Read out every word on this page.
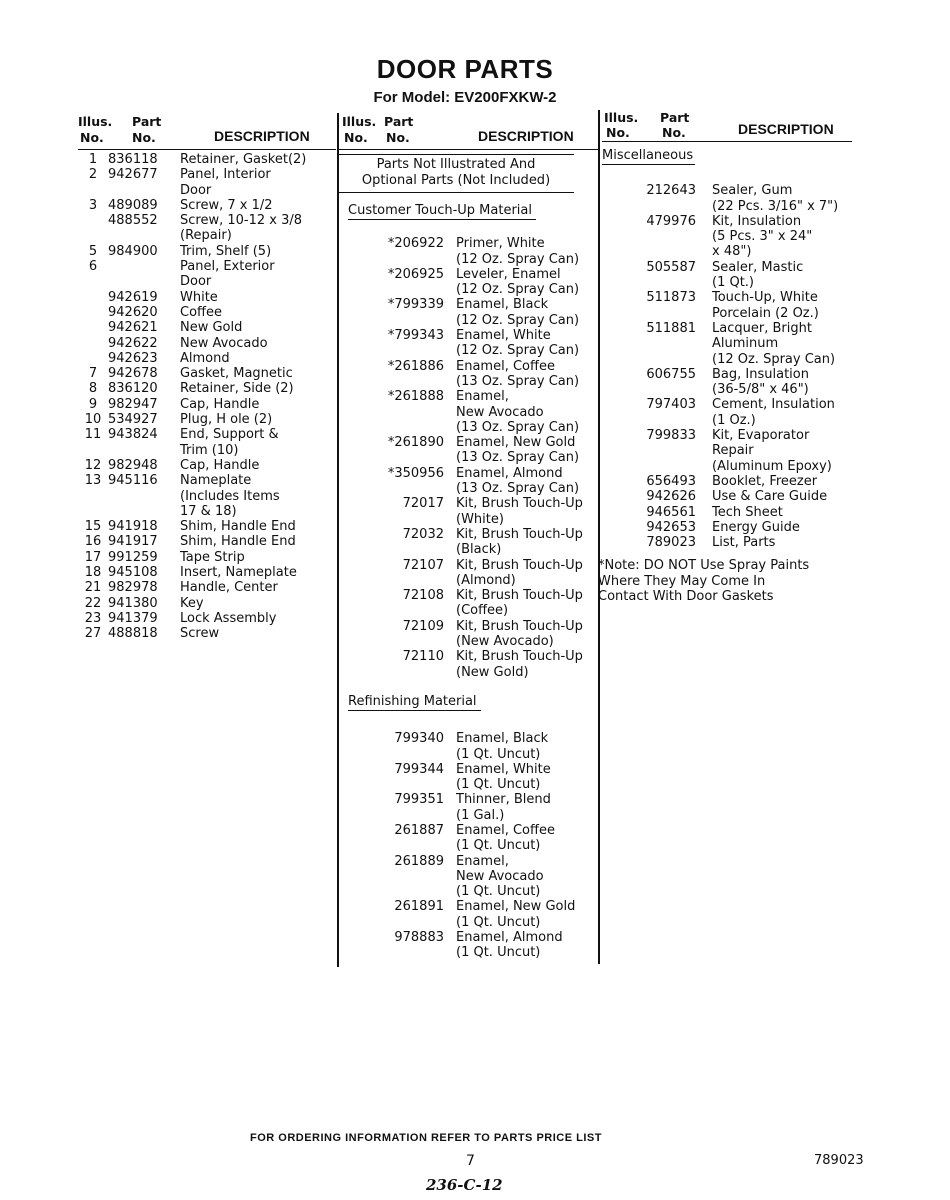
DOOR PARTS
For Model: EV200FXKW-2
Illus.
No.
Part
No.	DESCRIPTION
1 836118	Retainer, Gasket(2)
2 942677	Panel, Interior
Door
3 489089	Screw, 7 x 1/2
488552	Screw, 10-12 x 3/8
(Repair)
5 984900	Trim, Shelf (5)
6	Panel, Exterior
Door
942619	White
942620	Coffee
942621	New Gold
942622	New Avocado
942623	Almond
7 942678	Gasket, Magnetic
8 836120	Retainer, Side (2)
9 982947	Cap, Handle
10 534927	Plug, H ole (2)
11 943824	End, Support &
Trim (10)
12 982948	Cap, Handle
13 945116	Nameplate
(Includes Items
17 & 18)
15 941918	Shim, Handle End
16 941917	Shim, Handle End
17 991259	Tape Strip
18 945108	Insert, Nameplate
21 982978	Handle, Center
22 941380	Key
23 941379	Lock Assembly
27 488818	Screw
Illus.
No.
Part
No.	DESCRIPTION
Parts Not Illustrated And
Optional Parts (Not Included)
Customer Touch-Up Material
*206922 Primer, White
(12 Oz. Spray Can)
*206925 Leveler, Enamel
(12 Oz. Spray Can)
*799339 Enamel, Black
(12 Oz. Spray Can)
*799343 Enamel, White
(12 Oz. Spray Can)
*261886 Enamel, Coffee
(13 Oz. Spray Can)
*261888 Enamel,
New Avocado
(13 Oz. Spray Can)
*261890 Enamel, New Gold
(13 Oz. Spray Can)
*350956 Enamel, Almond
(13 Oz. Spray Can)
72017 Kit, Brush Touch-Up
(White)
72032 Kit, Brush Touch-Up
(Black)
72107 Kit, Brush Touch-Up
(Almond)
72108 Kit, Brush Touch-Up
(Coffee)
72109 Kit, Brush Touch-Up
(New Avocado)
72110 Kit, Brush Touch-Up
(New Gold)
Refinishing Material
799340 Enamel, Black
(1 Qt. Uncut)
799344 Enamel, White
(1 Qt. Uncut)
799351 Thinner, Blend
(1 Gal.)
261887 Enamel, Coffee
(1 Qt. Uncut)
261889 Enamel,
New Avocado
(1 Qt. Uncut)
261891 Enamel, New Gold
(1 Qt. Uncut)
978883 Enamel, Almond
(1 Qt. Uncut)
Illus.
No.
Part
No.	DESCRIPTION
Miscellaneous
212643	Sealer, Gum
(22 Pcs. 3/16" x 7")
479976	Kit, Insulation
(5 Pcs. 3" x 24"
x 48")
505587	Sealer, Mastic
(1 Qt.)
511873	Touch-Up, White
Porcelain (2 Oz.)
511881	Lacquer, Bright
Aluminum
(12 Oz. Spray Can)
606755	Bag, Insulation
(36-5/8" x 46")
797403	Cement, Insulation
(1 Oz.)
799833	Kit, Evaporator
Repair
(Aluminum Epoxy)
656493	Booklet, Freezer
942626	Use & Care Guide
946561	Tech Sheet
942653	Energy Guide
789023	List, Parts
*Note: DO NOT Use Spray Paints
Where They May Come In
Contact With Door Gaskets
FOR ORDERING INFORMATION REFER TO PARTS PRICE LIST
7	789023
236-C-12
